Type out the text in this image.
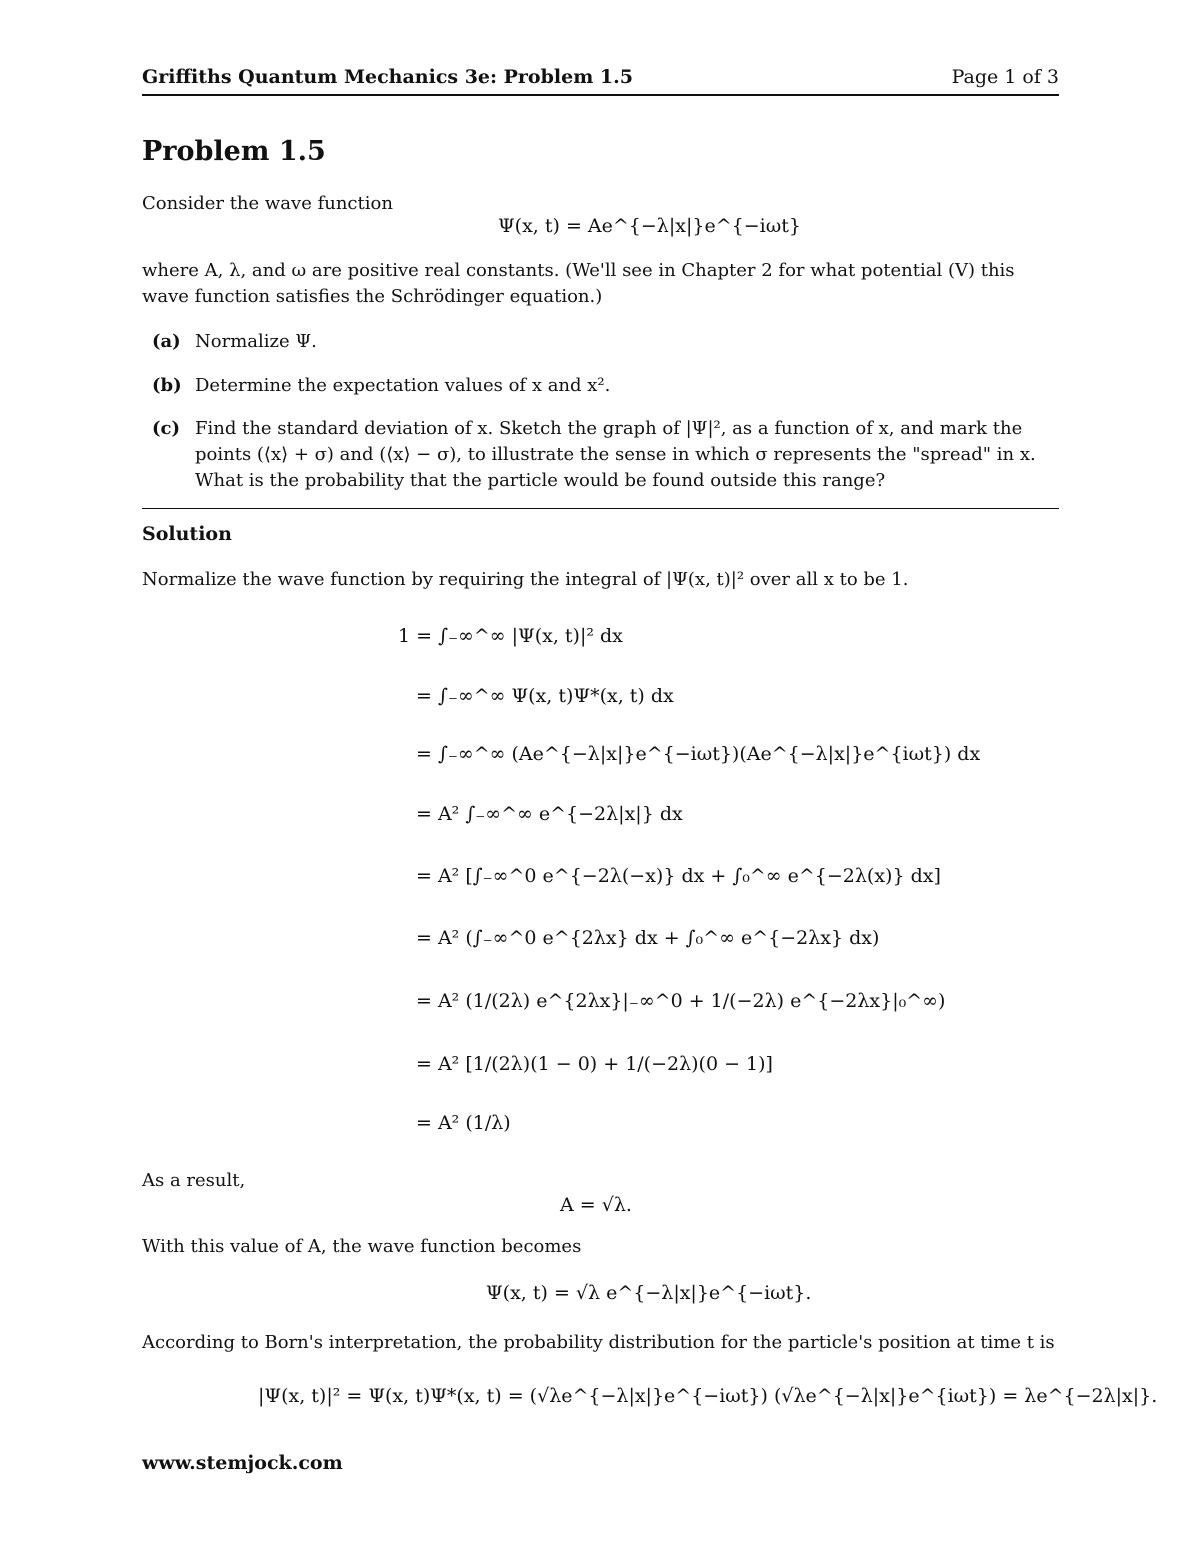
Griffiths Quantum Mechanics 3e: Problem 1.5	Page 1 of 3
Problem 1.5
Consider the wave function
Ψ(x, t) = Ae^{−λ|x|}e^{−iωt}
where A, λ, and ω are positive real constants. (We'll see in Chapter 2 for what potential (V) this wave function satisfies the Schrödinger equation.)
(a) Normalize Ψ.
(b) Determine the expectation values of x and x².
(c) Find the standard deviation of x. Sketch the graph of |Ψ|², as a function of x, and mark the points (⟨x⟩ + σ) and (⟨x⟩ − σ), to illustrate the sense in which σ represents the "spread" in x. What is the probability that the particle would be found outside this range?
Solution
Normalize the wave function by requiring the integral of |Ψ(x, t)|² over all x to be 1.
1 = ∫₋∞^∞ |Ψ(x, t)|² dx
= ∫₋∞^∞ Ψ(x, t)Ψ*(x, t) dx
= ∫₋∞^∞ (Ae^{−λ|x|}e^{−iωt})(Ae^{−λ|x|}e^{iωt}) dx
= A² ∫₋∞^∞ e^{−2λ|x|} dx
= A² [∫₋∞^0 e^{−2λ(−x)} dx + ∫₀^∞ e^{−2λ(x)} dx]
= A² (∫₋∞^0 e^{2λx} dx + ∫₀^∞ e^{−2λx} dx)
= A² (1/(2λ) e^{2λx}|₋∞^0 + 1/(−2λ) e^{−2λx}|₀^∞)
= A² [1/(2λ)(1 − 0) + 1/(−2λ)(0 − 1)]
= A² (1/λ)
As a result,
A = √λ.
With this value of A, the wave function becomes
Ψ(x, t) = √λ e^{−λ|x|}e^{−iωt}.
According to Born's interpretation, the probability distribution for the particle's position at time t is
|Ψ(x, t)|² = Ψ(x, t)Ψ*(x, t) = (√λe^{−λ|x|}e^{−iωt}) (√λe^{−λ|x|}e^{iωt}) = λe^{−2λ|x|}.
www.stemjock.com
